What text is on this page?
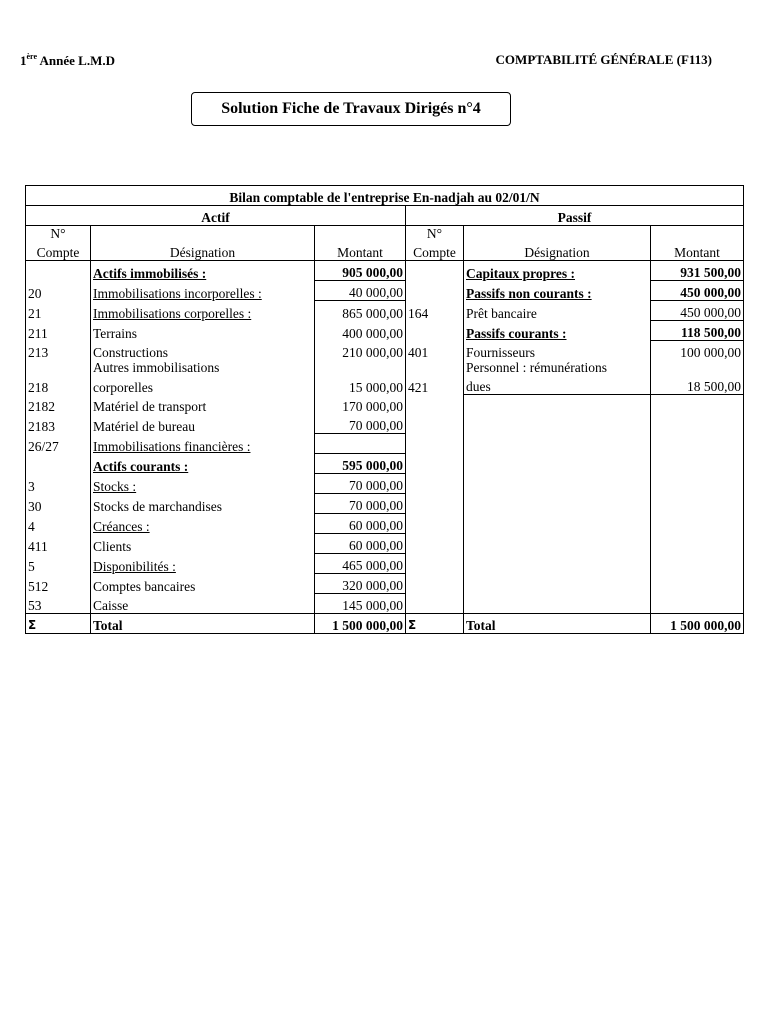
1ère Année L.M.D	COMPTABILITÉ GÉNÉRALE (F113)
Solution Fiche de Travaux Dirigés n°4
Bilan comptable de l'entreprise En-nadjah au 02/01/N					
Actif			Passif		
N°			N°		
Compte	Désignation	Montant	Compte	Désignation	Montant
	Actifs immobilisés :	905 000,00		Capitaux propres :	931 500,00
20	Immobilisations incorporelles :	40 000,00		Passifs non courants :	450 000,00
21	Immobilisations corporelles :	865 000,00	164	Prêt bancaire	450 000,00
211	Terrains	400 000,00		Passifs courants :	118 500,00
213	Constructions	210 000,00	401	Fournisseurs	100 000,00
	Autres immobilisations			Personnel : rémunérations	
218	corporelles	15 000,00	421	dues	18 500,00
2182	Matériel de transport	170 000,00			
2183	Matériel de bureau	70 000,00			
26/27	Immobilisations financières :				
	Actifs courants :	595 000,00			
3	Stocks :	70 000,00			
30	Stocks de marchandises	70 000,00			
4	Créances :	60 000,00			
411	Clients	60 000,00			
5	Disponibilités :	465 000,00			
512	Comptes bancaires	320 000,00			
53	Caisse	145 000,00			
Σ	Total	1 500 000,00	Σ	Total	1 500 000,00
